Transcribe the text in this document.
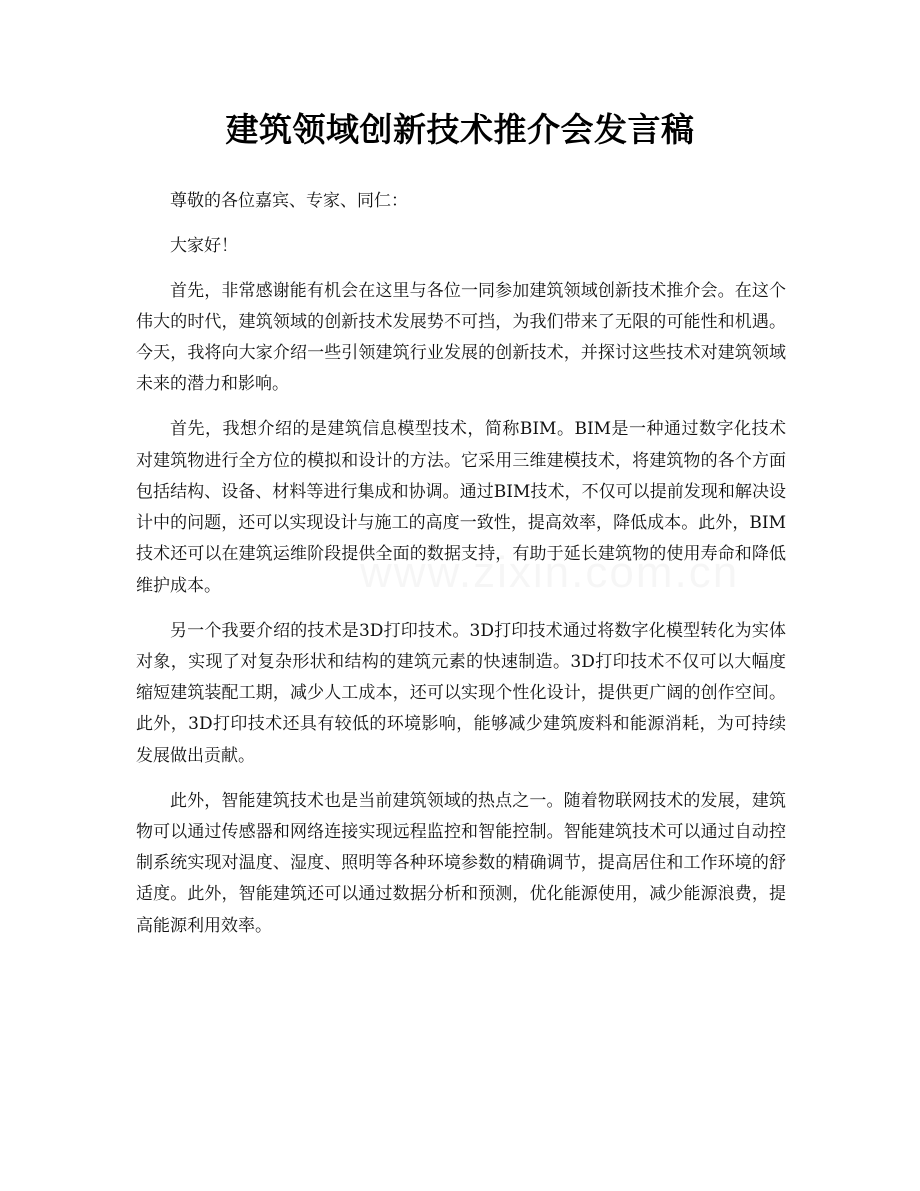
建筑领域创新技术推介会发言稿

尊敬的各位嘉宾、专家、同仁：

大家好！

首先，非常感谢能有机会在这里与各位一同参加建筑领域创新技术推介会。在这个伟大的时代，建筑领域的创新技术发展势不可挡，为我们带来了无限的可能性和机遇。今天，我将向大家介绍一些引领建筑行业发展的创新技术，并探讨这些技术对建筑领域未来的潜力和影响。

首先，我想介绍的是建筑信息模型技术，简称BIM。BIM是一种通过数字化技术对建筑物进行全方位的模拟和设计的方法。它采用三维建模技术，将建筑物的各个方面包括结构、设备、材料等进行集成和协调。通过BIM技术，不仅可以提前发现和解决设计中的问题，还可以实现设计与施工的高度一致性，提高效率，降低成本。此外，BIM技术还可以在建筑运维阶段提供全面的数据支持，有助于延长建筑物的使用寿命和降低维护成本。

另一个我要介绍的技术是3D打印技术。3D打印技术通过将数字化模型转化为实体对象，实现了对复杂形状和结构的建筑元素的快速制造。3D打印技术不仅可以大幅度缩短建筑装配工期，减少人工成本，还可以实现个性化设计，提供更广阔的创作空间。此外，3D打印技术还具有较低的环境影响，能够减少建筑废料和能源消耗，为可持续发展做出贡献。

此外，智能建筑技术也是当前建筑领域的热点之一。随着物联网技术的发展，建筑物可以通过传感器和网络连接实现远程监控和智能控制。智能建筑技术可以通过自动控制系统实现对温度、湿度、照明等各种环境参数的精确调节，提高居住和工作环境的舒适度。此外，智能建筑还可以通过数据分析和预测，优化能源使用，减少能源浪费，提高能源利用效率。
